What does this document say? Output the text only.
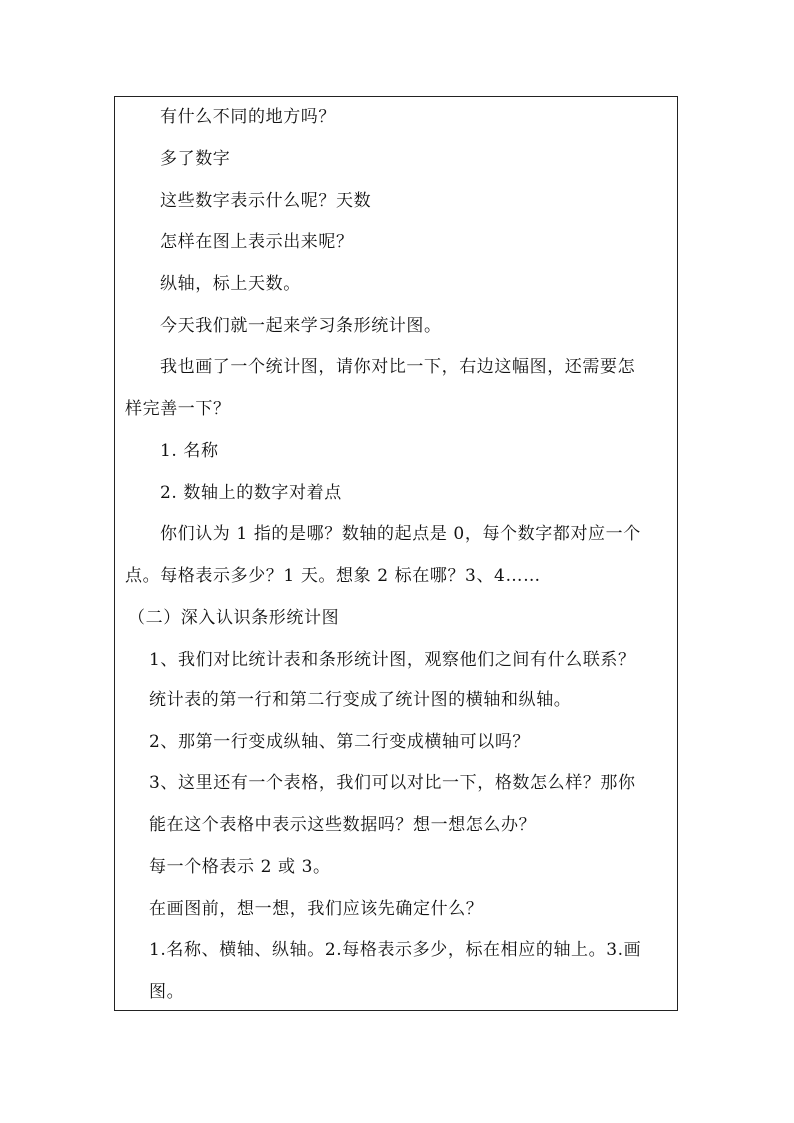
有什么不同的地方吗？
多了数字
这些数字表示什么呢？天数
怎样在图上表示出来呢？
纵轴，标上天数。
今天我们就一起来学习条形统计图。
我也画了一个统计图，请你对比一下，右边这幅图，还需要怎
样完善一下？
1. 名称
2. 数轴上的数字对着点
你们认为 1 指的是哪？数轴的起点是 0，每个数字都对应一个
点。每格表示多少？1 天。想象 2 标在哪？3、4……
（二）深入认识条形统计图
1、我们对比统计表和条形统计图，观察他们之间有什么联系？
统计表的第一行和第二行变成了统计图的横轴和纵轴。
2、那第一行变成纵轴、第二行变成横轴可以吗？
3、这里还有一个表格，我们可以对比一下，格数怎么样？那你
能在这个表格中表示这些数据吗？想一想怎么办？
每一个格表示 2 或 3。
在画图前，想一想，我们应该先确定什么？
1.名称、横轴、纵轴。2.每格表示多少，标在相应的轴上。3.画
图。
